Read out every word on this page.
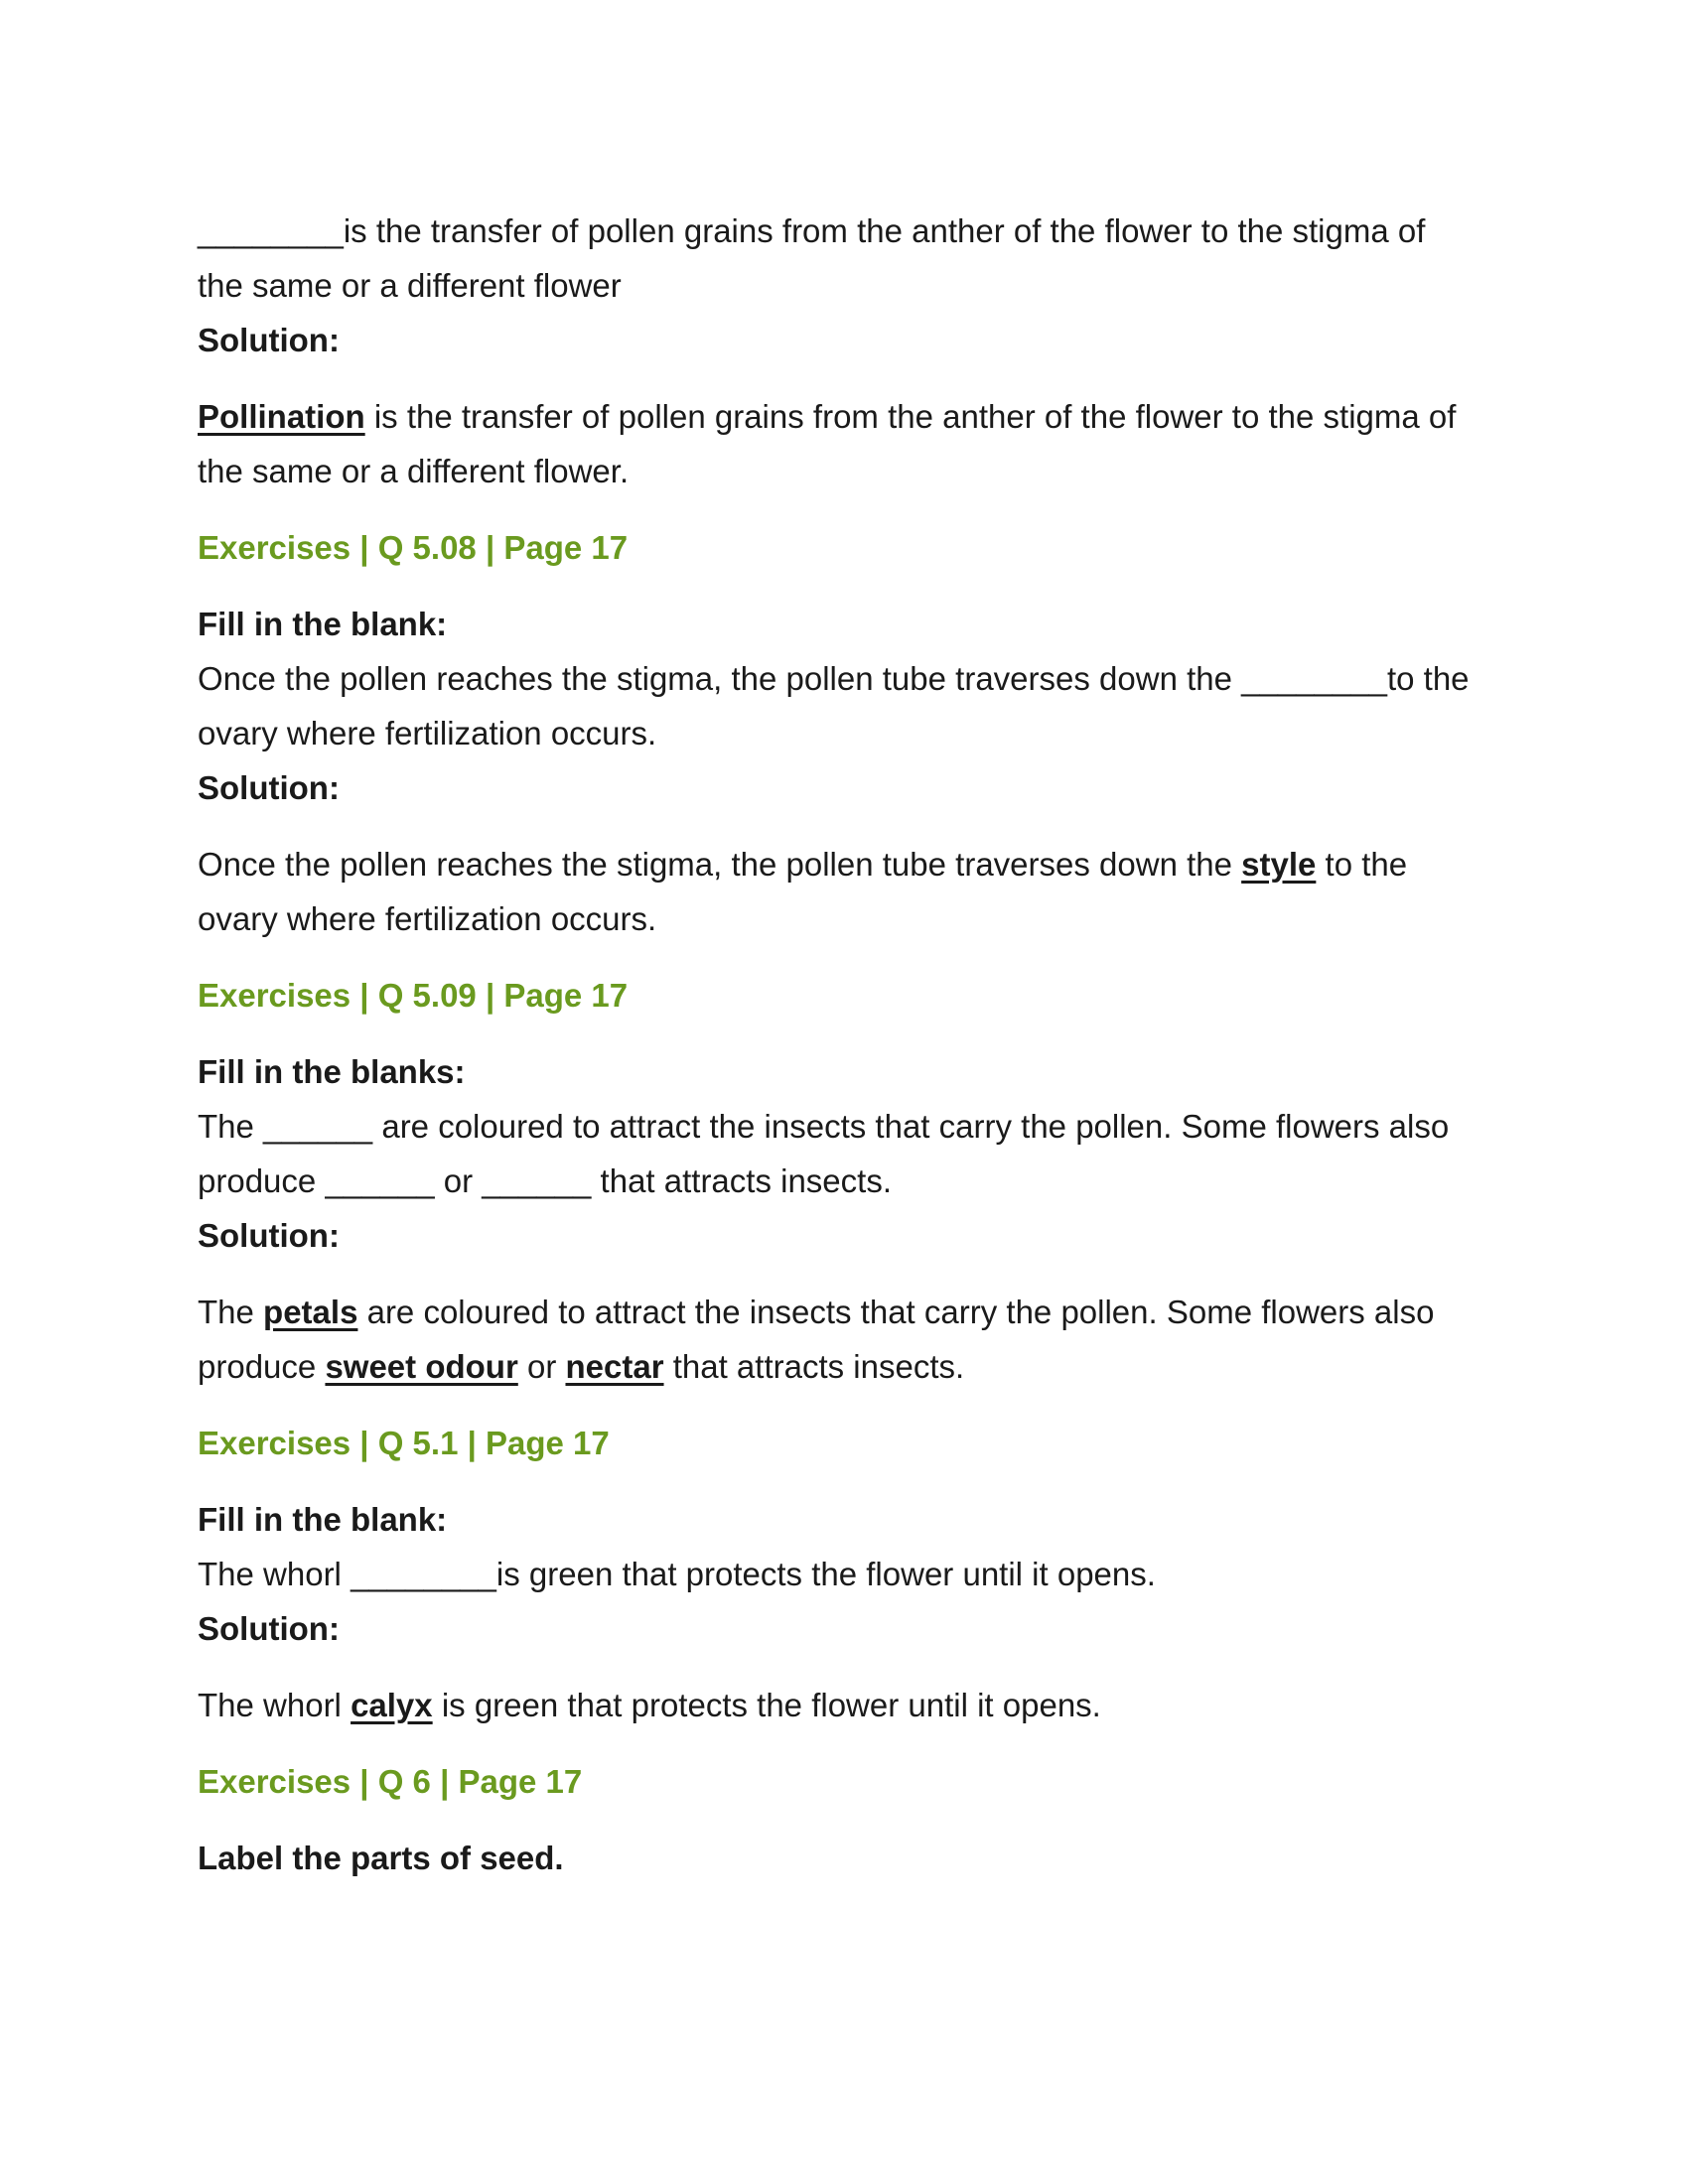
________is the transfer of pollen grains from the anther of the flower to the stigma of
the same or a different flower

Solution:

Pollination is the transfer of pollen grains from the anther of the flower to the stigma of
the same or a different flower.

Exercises | Q 5.08 | Page 17

Fill in the blank:

Once the pollen reaches the stigma, the pollen tube traverses down the ________to the
ovary where fertilization occurs.

Solution:

Once the pollen reaches the stigma, the pollen tube traverses down the style to the
ovary where fertilization occurs.

Exercises | Q 5.09 | Page 17

Fill in the blanks:

The ______ are coloured to attract the insects that carry the pollen. Some flowers also
produce ______ or ______ that attracts insects.

Solution:

The petals are coloured to attract the insects that carry the pollen. Some flowers also
produce sweet odour or nectar that attracts insects.

Exercises | Q 5.1 | Page 17

Fill in the blank:

The whorl ________is green that protects the flower until it opens.

Solution:

The whorl calyx is green that protects the flower until it opens.

Exercises | Q 6 | Page 17

Label the parts of seed.
